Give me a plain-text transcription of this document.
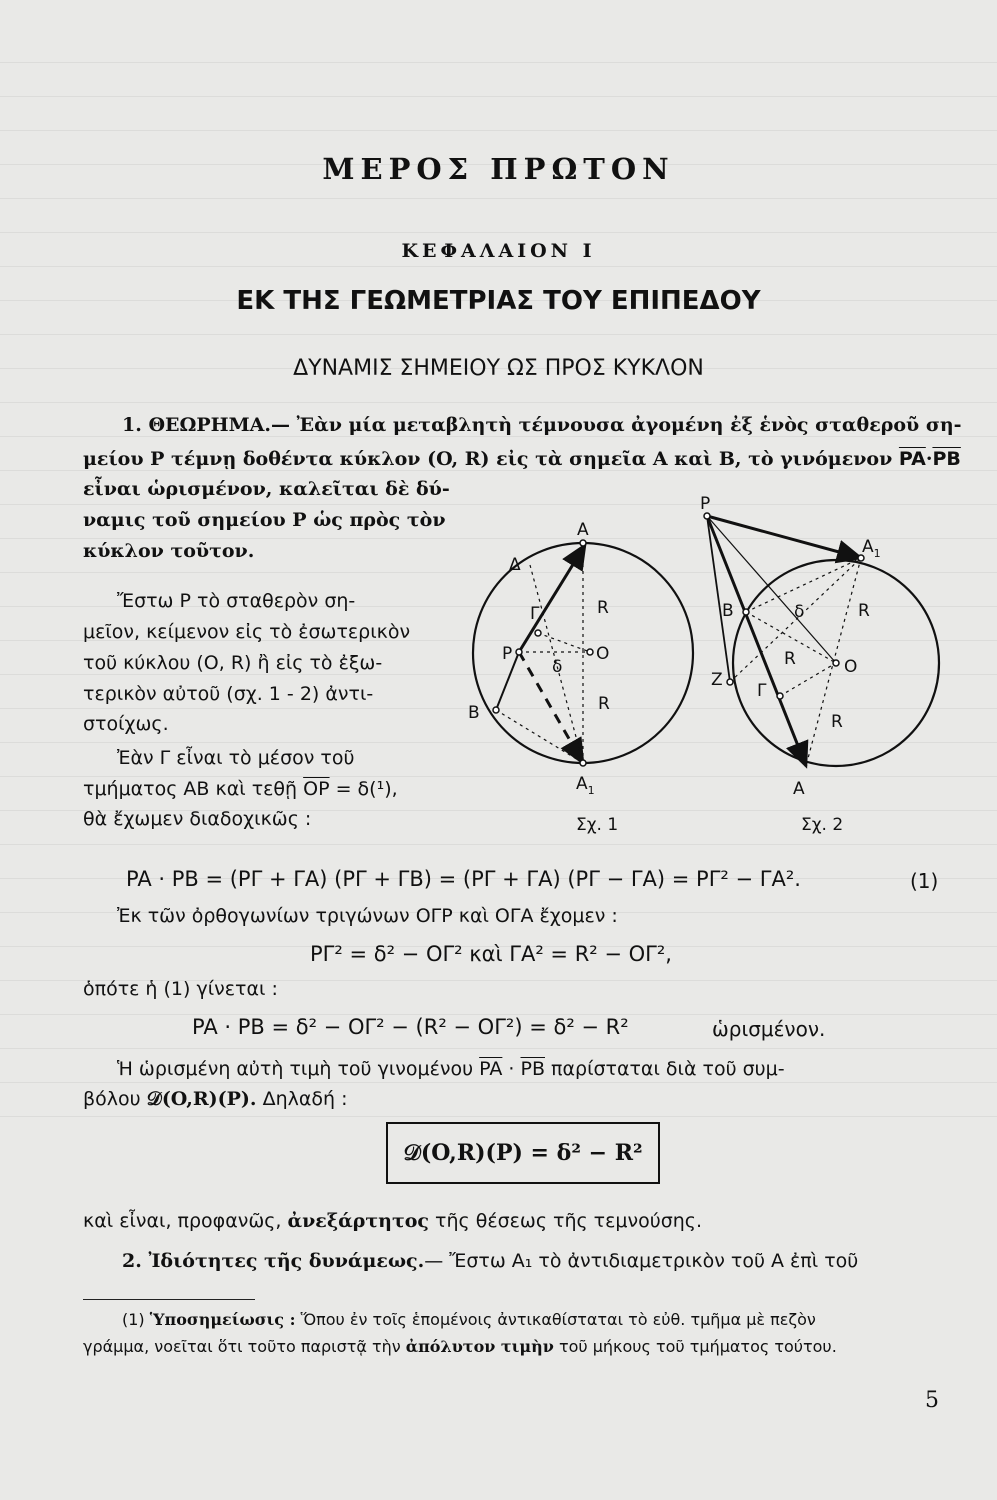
ΜΕΡΟΣ ΠΡΩΤΟΝ
ΚΕΦΑΛΑΙΟΝ Ι
ΕΚ ΤΗΣ ΓΕΩΜΕΤΡΙΑΣ ΤΟΥ ΕΠΙΠΕΔΟΥ
ΔΥΝΑΜΙΣ ΣΗΜΕΙΟΥ ΩΣ ΠΡΟΣ ΚΥΚΛΟΝ
1. ΘΕΩΡΗΜΑ.— Ἐὰν μία μεταβλητὴ τέμνουσα ἀγομένη ἐξ ἑνὸς σταθεροῦ ση-
μείου P τέμνῃ δοθέντα κύκλον (O, R) εἰς τὰ σημεῖα A καὶ B, τὸ γινόμενον $\overline{PA}\cdot\overline{PB}$
εἶναι ὡρισμένον, καλεῖται δὲ δύ-
ναμις τοῦ σημείου P ὡς πρὸς τὸν
κύκλον τοῦτον.
Ἔστω P τὸ σταθερὸν ση-
μεῖον, κείμενον εἰς τὸ ἐσωτερικὸν
τοῦ κύκλου (O, R) ἢ εἰς τὸ ἐξω-
τερικὸν αὐτοῦ (σχ. 1 - 2) ἀντι-
στοίχως.
Ἐὰν Γ εἶναι τὸ μέσον τοῦ
τμήματος AB καὶ τεθῇ $\overline{OP} = \delta(^1)$,
θὰ ἔχωμεν διαδοχικῶς :
A
Δ
Γ	R
P	O
δ
R
B
$A_1$
Σχ. 1
P
$A_1$
B	δ	R
R	O
Z
Γ
R
A
Σχ. 2
PA · PB = (PΓ + ΓA) (PΓ + ΓB) = (PΓ + ΓA) (PΓ − ΓA) = PΓ² − ΓA².	(1)
Ἐκ τῶν ὀρθογωνίων τριγώνων OΓP καὶ OΓA ἔχομεν :
PΓ² = δ² − OΓ² καὶ ΓA² = R² − OΓ²,
ὁπότε ἡ (1) γίνεται :
PA · PB = δ² − OΓ² − (R² − OΓ²) = δ² − R²	ὡρισμένον.
Ἡ ὡρισμένη αὐτὴ τιμὴ τοῦ γινομένου $\overline{PA} \cdot \overline{PB}$ παρίσταται διὰ τοῦ συμ-
βόλου 𝒟(O,R)(P). Δηλαδή :
𝒟(O,R)(P) = δ² − R²
καὶ εἶναι, προφανῶς, ἀνεξάρτητος τῆς θέσεως τῆς τεμνούσης.
2. Ἰδιότητες τῆς δυνάμεως.— Ἔστω A₁ τὸ ἀντιδιαμετρικὸν τοῦ A ἐπὶ τοῦ
(1) Ὑποσημείωσις : Ὅπου ἐν τοῖς ἑπομένοις ἀντικαθίσταται τὸ εὐθ. τμῆμα μὲ πεζὸν
γράμμα, νοεῖται ὅτι τοῦτο παριστᾷ τὴν ἀπόλυτον τιμὴν τοῦ μήκους τοῦ τμήματος τούτου.
5
